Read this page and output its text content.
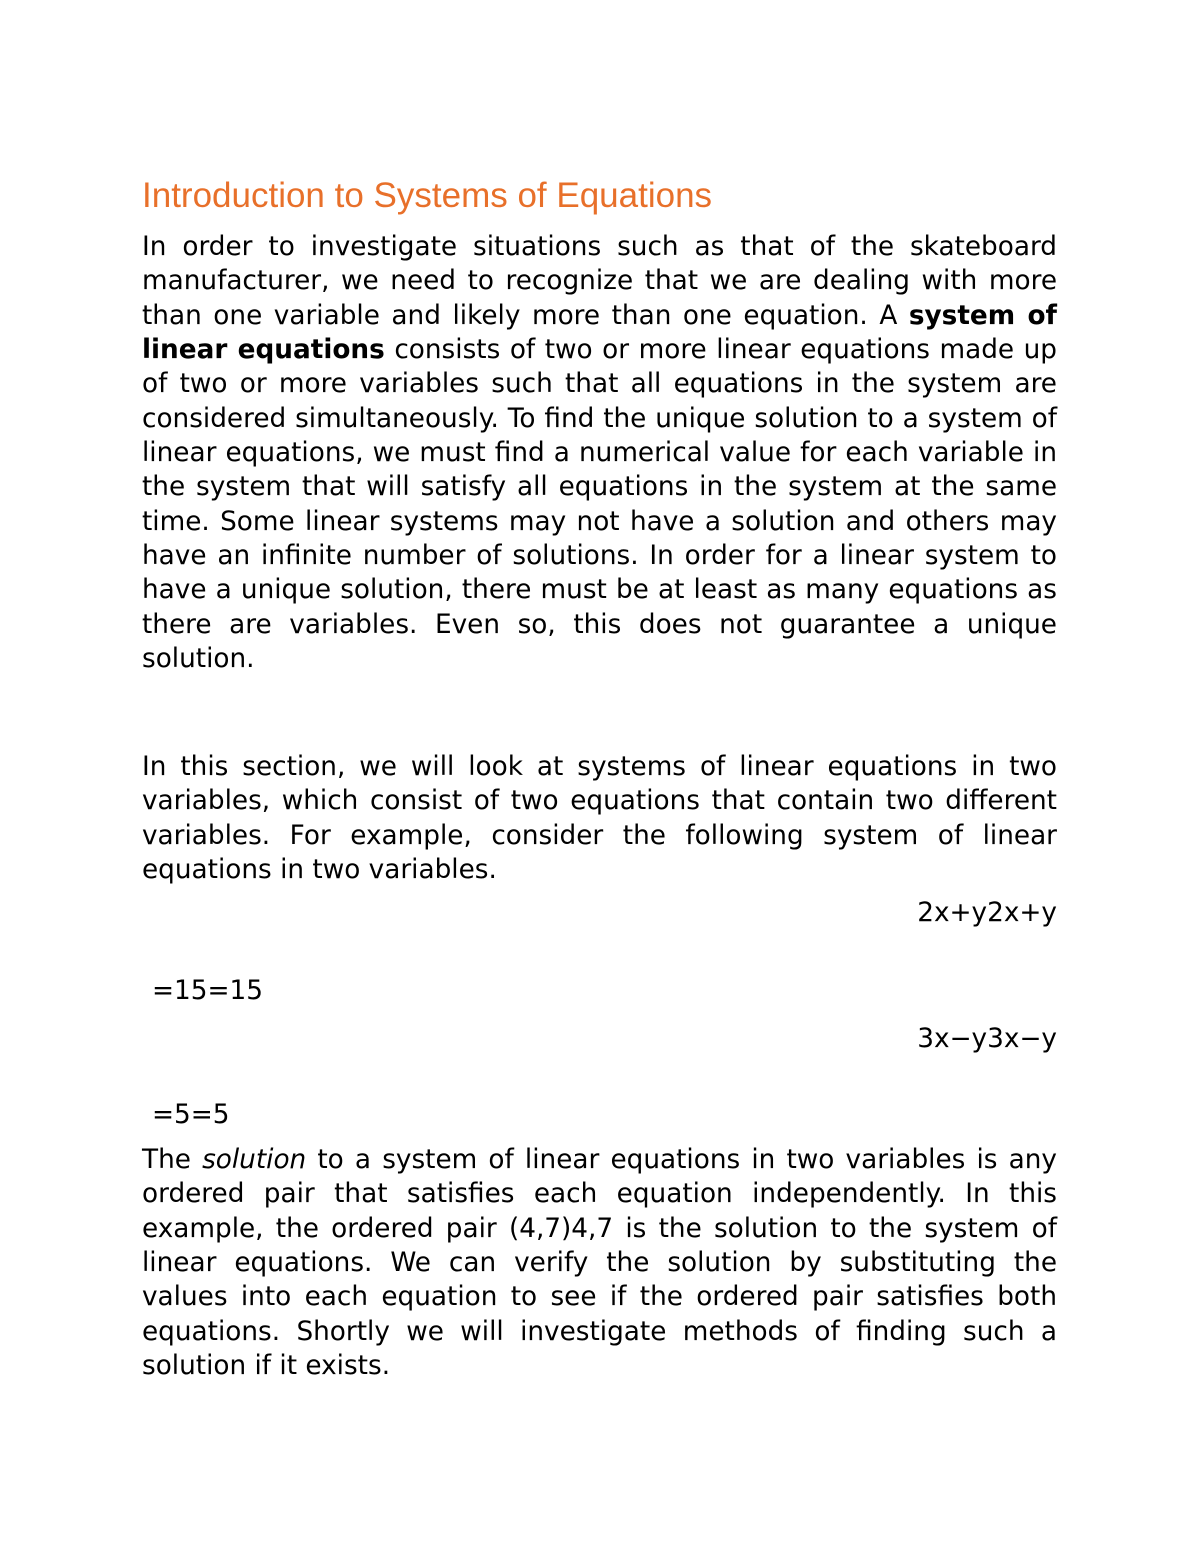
Introduction to Systems of Equations

In order to investigate situations such as that of the skateboard manufacturer, we need to recognize that we are dealing with more than one variable and likely more than one equation. A system of linear equations consists of two or more linear equations made up of two or more variables such that all equations in the system are considered simultaneously. To find the unique solution to a system of linear equations, we must find a numerical value for each variable in the system that will satisfy all equations in the system at the same time. Some linear systems may not have a solution and others may have an infinite number of solutions. In order for a linear system to have a unique solution, there must be at least as many equations as there are variables. Even so, this does not guarantee a unique solution.

In this section, we will look at systems of linear equations in two variables, which consist of two equations that contain two different variables. For example, consider the following system of linear equations in two variables.

2x+y2x+y
=15=15
3x−y3x−y
=5=5

The solution to a system of linear equations in two variables is any ordered pair that satisfies each equation independently. In this example, the ordered pair (4,7)4,7 is the solution to the system of linear equations. We can verify the solution by substituting the values into each equation to see if the ordered pair satisfies both equations. Shortly we will investigate methods of finding such a solution if it exists.
